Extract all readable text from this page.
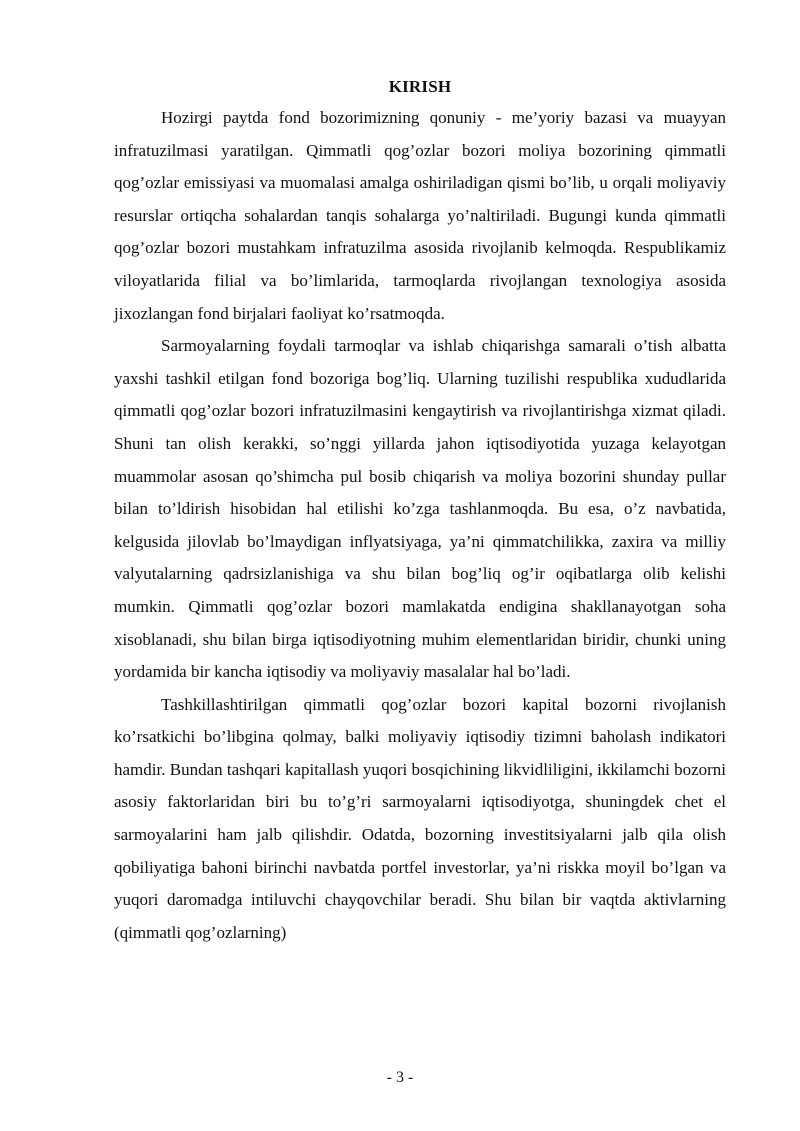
KIRISH

Hozirgi paytda fond bozorimizning qonuniy - me’yoriy bazasi va muayyan infratuzilmasi yaratilgan. Qimmatli qog’ozlar bozori moliya bozorining qimmatli qog’ozlar emissiyasi va muomalasi amalga oshiriladigan qismi bo’lib, u orqali moliyaviy resurslar ortiqcha sohalardan tanqis sohalarga yo’naltiriladi. Bugungi kunda qimmatli qog’ozlar bozori mustahkam infratuzilma asosida rivojlanib kelmoqda. Respublikamiz viloyatlarida filial va bo’limlarida, tarmoqlarda rivojlangan texnologiya asosida jixozlangan fond birjalari faoliyat ko’rsatmoqda.

Sarmoyalarning foydali tarmoqlar va ishlab chiqarishga samarali o’tish albatta yaxshi tashkil etilgan fond bozoriga bog’liq. Ularning tuzilishi respublika xududlarida qimmatli qog’ozlar bozori infratuzilmasini kengaytirish va rivojlantirishga xizmat qiladi. Shuni tan olish kerakki, so’nggi yillarda jahon iqtisodiyotida yuzaga kelayotgan muammolar asosan qo’shimcha pul bosib chiqarish va moliya bozorini shunday pullar bilan to’ldirish hisobidan hal etilishi ko’zga tashlanmoqda. Bu esa, o’z navbatida, kelgusida jilovlab bo’lmaydigan inflyatsiyaga, ya’ni qimmatchilikka, zaxira va milliy valyutalarning qadrsizlanishiga va shu bilan bog’liq og’ir oqibatlarga olib kelishi mumkin. Qimmatli qog’ozlar bozori mamlakatda endigina shakllanayotgan soha xisoblanadi, shu bilan birga iqtisodiyotning muhim elementlaridan biridir, chunki uning yordamida bir kancha iqtisodiy va moliyaviy masalalar hal bo’ladi.

Tashkillashtirilgan qimmatli qog’ozlar bozori kapital bozorni rivojlanish ko’rsatkichi bo’libgina qolmay, balki moliyaviy iqtisodiy tizimni baholash indikatori hamdir. Bundan tashqari kapitallash yuqori bosqichining likvidliligini, ikkilamchi bozorni asosiy faktorlaridan biri bu to’g’ri sarmoyalarni iqtisodiyotga, shuningdek chet el sarmoyalarini ham jalb qilishdir. Odatda, bozorning investitsiyalarni jalb qila olish qobiliyatiga bahoni birinchi navbatda portfel investorlar, ya’ni riskka moyil bo’lgan va yuqori daromadga intiluvchi chayqovchilar beradi. Shu bilan bir vaqtda aktivlarning (qimmatli qog’ozlarning)

- 3 -
